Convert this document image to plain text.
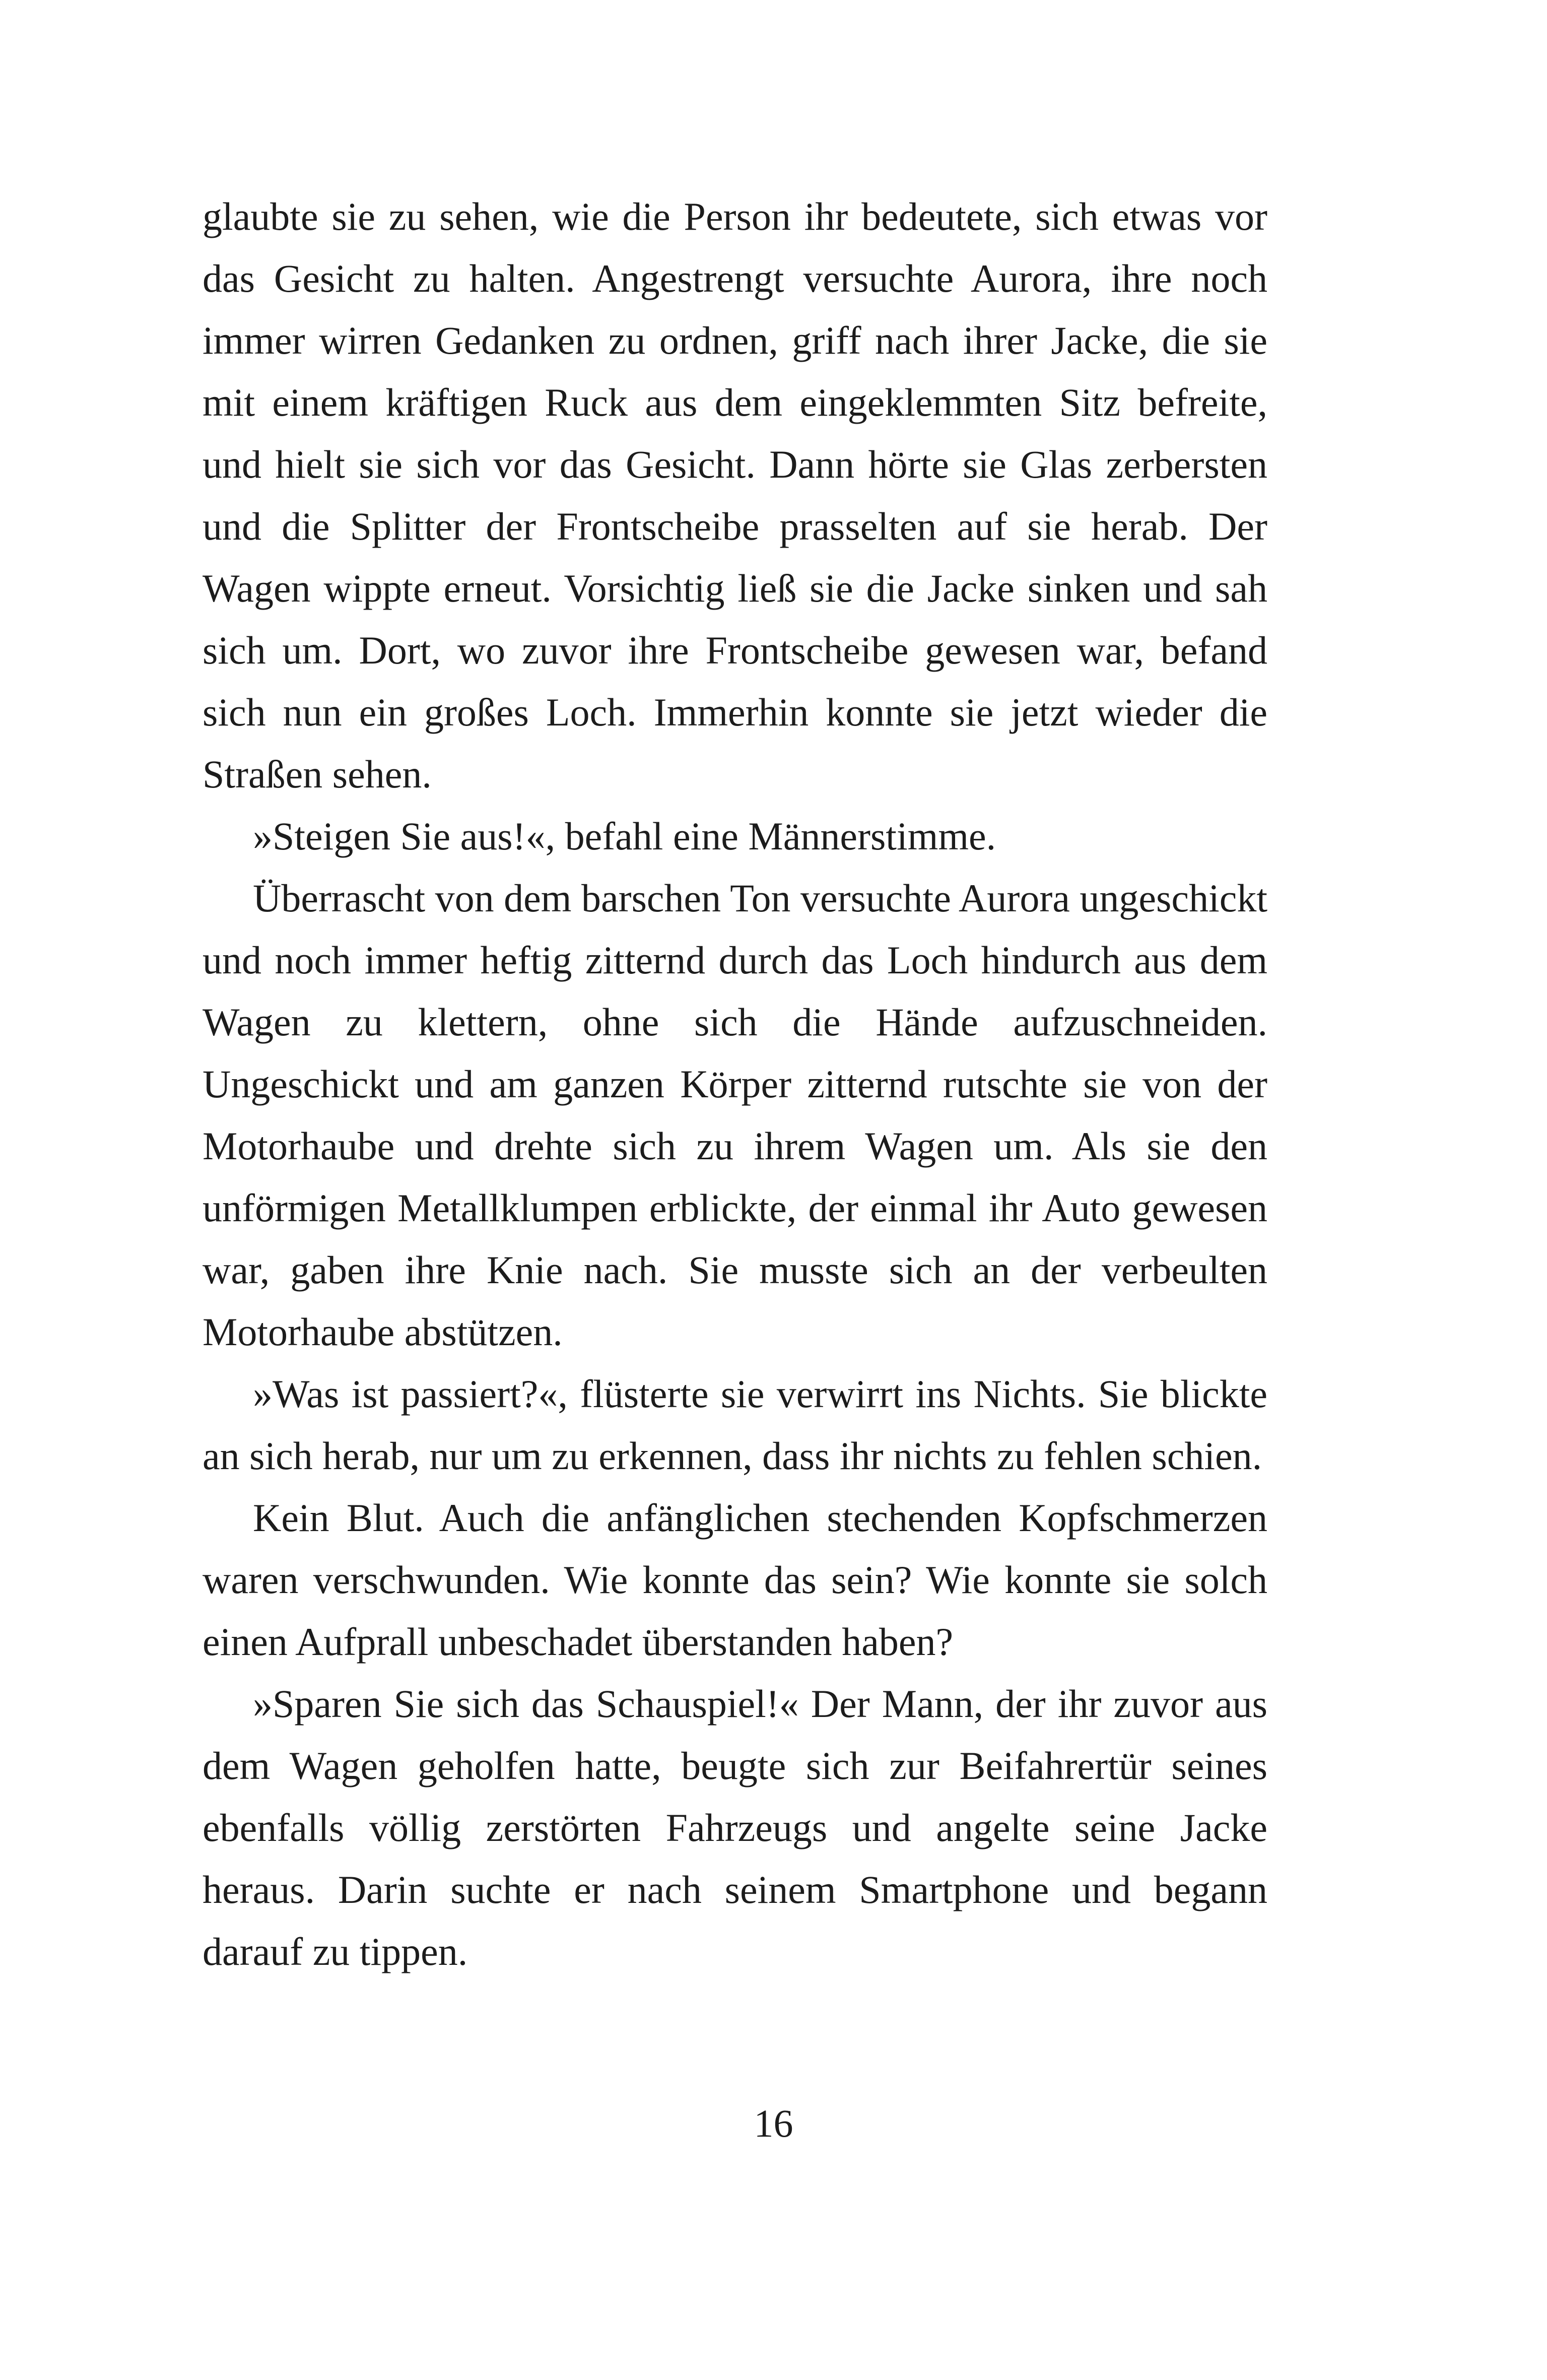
glaubte sie zu sehen, wie die Person ihr bedeutete, sich etwas vor das Gesicht zu halten. Angestrengt versuchte Aurora, ihre noch immer wirren Gedanken zu ordnen, griff nach ihrer Jacke, die sie mit einem kräftigen Ruck aus dem eingeklemmten Sitz befreite, und hielt sie sich vor das Gesicht. Dann hörte sie Glas zerbersten und die Splitter der Frontscheibe prasselten auf sie herab. Der Wagen wippte erneut. Vorsichtig ließ sie die Jacke sinken und sah sich um. Dort, wo zuvor ihre Frontscheibe gewesen war, befand sich nun ein großes Loch. Immerhin konnte sie jetzt wieder die Straßen sehen.

»Steigen Sie aus!«, befahl eine Männerstimme.

Überrascht von dem barschen Ton versuchte Aurora ungeschickt und noch immer heftig zitternd durch das Loch hindurch aus dem Wagen zu klettern, ohne sich die Hände aufzuschneiden. Ungeschickt und am ganzen Körper zitternd rutschte sie von der Motorhaube und drehte sich zu ihrem Wagen um. Als sie den unförmigen Metallklumpen erblickte, der einmal ihr Auto gewesen war, gaben ihre Knie nach. Sie musste sich an der verbeulten Motorhaube abstützen.

»Was ist passiert?«, flüsterte sie verwirrt ins Nichts. Sie blickte an sich herab, nur um zu erkennen, dass ihr nichts zu fehlen schien.

Kein Blut. Auch die anfänglichen stechenden Kopfschmerzen waren verschwunden. Wie konnte das sein? Wie konnte sie solch einen Aufprall unbeschadet überstanden haben?

»Sparen Sie sich das Schauspiel!« Der Mann, der ihr zuvor aus dem Wagen geholfen hatte, beugte sich zur Beifahrertür seines ebenfalls völlig zerstörten Fahrzeugs und angelte seine Jacke heraus. Darin suchte er nach seinem Smartphone und begann darauf zu tippen.

16
